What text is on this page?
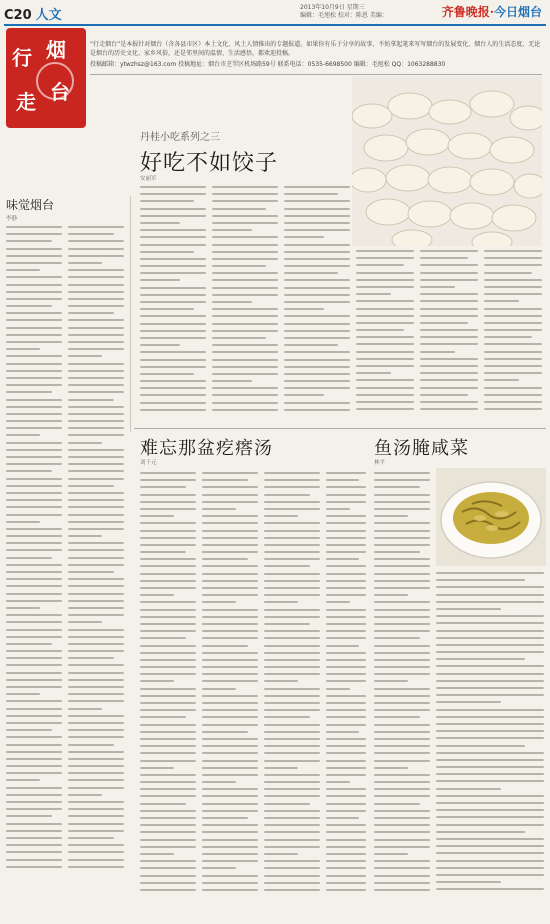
C20 人文
2013年10月9日 星期三
编辑：毛旭松 校对：陈恩 美编：	齐鲁晚报·今日烟台
行 烟
走 台
“行走烟台”是本报针对烟台（含各县市区）本土文化、风土人情推出的专题报道。如果你有乐于分享的故事，不妨拿起笔来写写烟台的发展变化、烟台人的生活态度，无论是烟台的历史文化、家乡风俗，还是邻里间的温情、生活感悟，都欢迎投稿。
投稿邮箱：ytwzhsz@163.com 投稿地址：烟台市芝罘区机场路59号 联系电话：0535-6698500 编辑：毛旭松 QQ：1063288830
丹桂小吃系列之三
好吃不如饺子
安丽军
味觉烟台
李静
难忘那盆疙瘩汤
刘千元
鱼汤腌咸菜
林平
